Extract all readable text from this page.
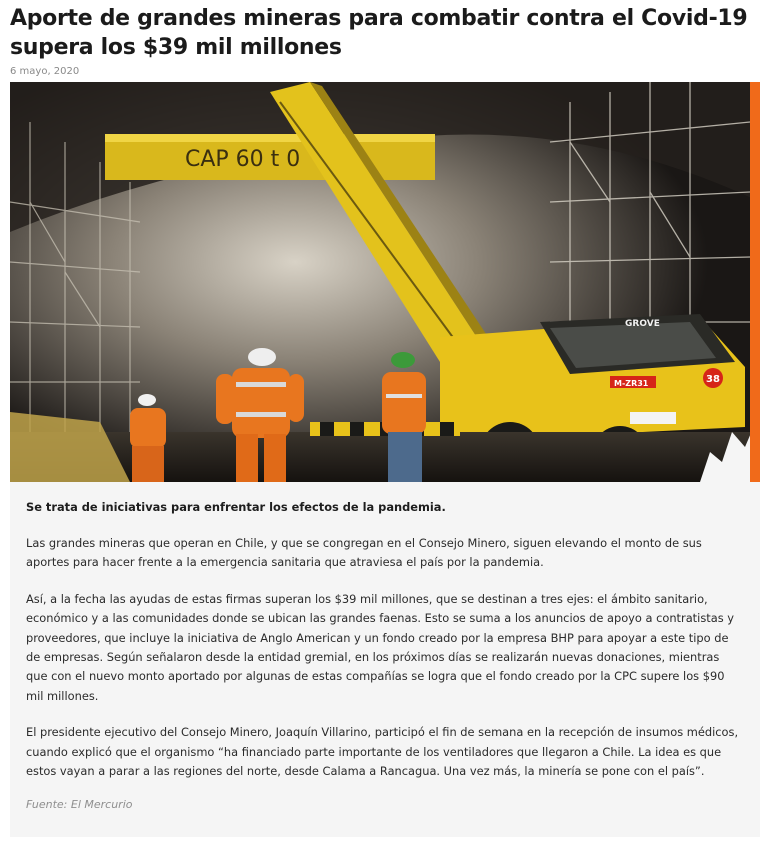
Aporte de grandes mineras para combatir contra el Covid-19 supera los $39 mil millones
6 mayo, 2020
CAP 60 t 0
GROVE
M-ZR31	38

Se trata de iniciativas para enfrentar los efectos de la pandemia.

Las grandes mineras que operan en Chile, y que se congregan en el Consejo Minero, siguen elevando el monto de sus aportes para hacer frente a la emergencia sanitaria que atraviesa el país por la pandemia.

Así, a la fecha las ayudas de estas firmas superan los $39 mil millones, que se destinan a tres ejes: el ámbito sanitario, económico y a las comunidades donde se ubican las grandes faenas. Esto se suma a los anuncios de apoyo a contratistas y proveedores, que incluye la iniciativa de Anglo American y un fondo creado por la empresa BHP para apoyar a este tipo de de empresas. Según señalaron desde la entidad gremial, en los próximos días se realizarán nuevas donaciones, mientras que con el nuevo monto aportado por algunas de estas compañías se logra que el fondo creado por la CPC supere los $90 mil millones.

El presidente ejecutivo del Consejo Minero, Joaquín Villarino, participó el fin de semana en la recepción de insumos médicos, cuando explicó que el organismo “ha financiado parte importante de los ventiladores que llegaron a Chile. La idea es que estos vayan a parar a las regiones del norte, desde Calama a Rancagua. Una vez más, la minería se pone con el país”.

Fuente: El Mercurio
